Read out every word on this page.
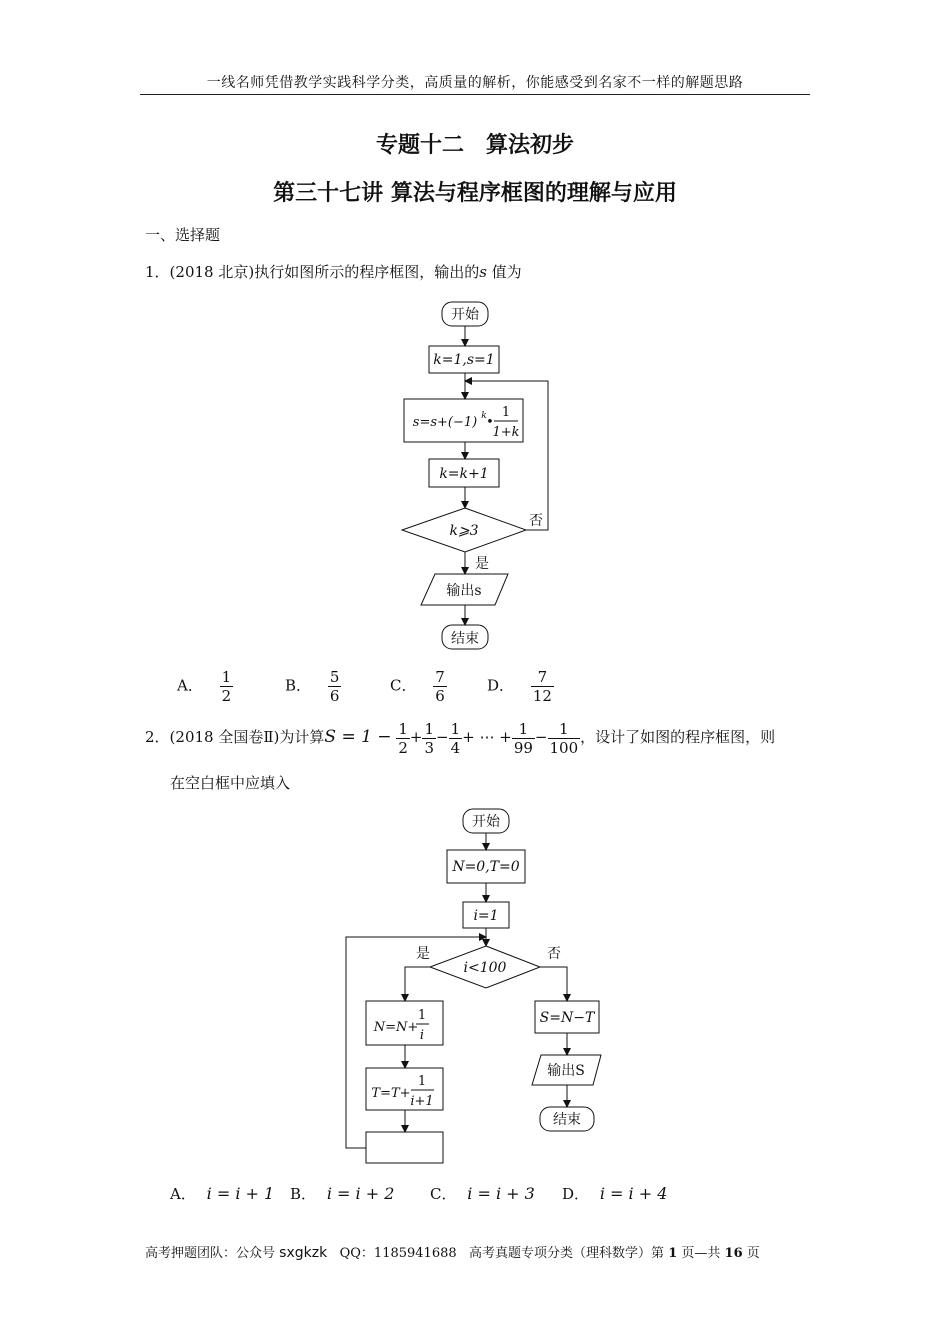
一线名师凭借教学实践科学分类，高质量的解析，你能感受到名家不一样的解题思路
专题十二　算法初步
第三十七讲 算法与程序框图的理解与应用
一、选择题
1．(2018 北京)执行如图所示的程序框图，输出的s 值为
开始
k=1,s=1
s=s+(−1) k •
1
1+k
k=k+1
k⩾3
否
是
输出s
结束
A． $\frac{1}{2}$	B． $\frac{5}{6}$	C． $\frac{7}{6}$	D． $\frac{7}{12}$
2．(2018 全国卷Ⅱ)为计算$S = 1 - \frac{1}{2} + \frac{1}{3} - \frac{1}{4}$ + ⋯ + $\frac{1}{99} - \frac{1}{100}$ ，设计了如图的程序框图，则
在空白框中应填入
开始
N=0,T=0
i=1
i<100
是	否
N=N+
1
i
T=T+
1
i+1
S=N−T
输出S
结束
A． i = i + 1 B． i = i + 2 C． i = i + 3 D． i = i + 4
高考押题团队：公众号 sxgkzk QQ：1185941688 高考真题专项分类（理科数学）第 1 页—共 16 页
